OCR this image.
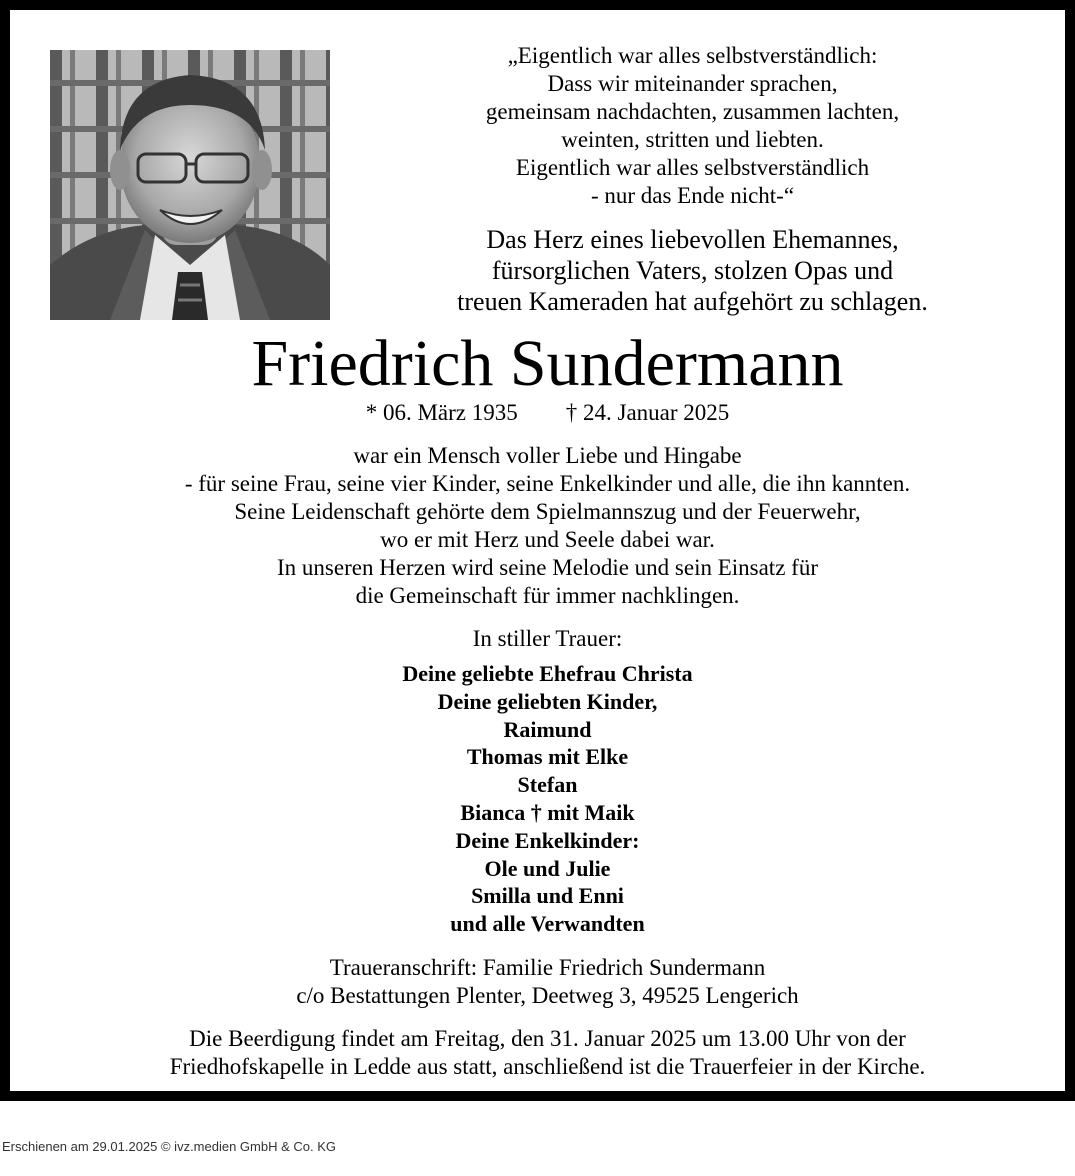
„Eigentlich war alles selbstverständlich:
Dass wir miteinander sprachen,
gemeinsam nachdachten, zusammen lachten,
weinten, stritten und liebten.
Eigentlich war alles selbstverständlich
- nur das Ende nicht-“
Das Herz eines liebevollen Ehemannes,
fürsorglichen Vaters, stolzen Opas und
treuen Kameraden hat aufgehört zu schlagen.
Friedrich Sundermann
* 06. März 1935 † 24. Januar 2025
war ein Mensch voller Liebe und Hingabe
- für seine Frau, seine vier Kinder, seine Enkelkinder und alle, die ihn kannten.
Seine Leidenschaft gehörte dem Spielmannszug und der Feuerwehr,
wo er mit Herz und Seele dabei war.
In unseren Herzen wird seine Melodie und sein Einsatz für
die Gemeinschaft für immer nachklingen.
In stiller Trauer:
Deine geliebte Ehefrau Christa
Deine geliebten Kinder,
Raimund
Thomas mit Elke
Stefan
Bianca † mit Maik
Deine Enkelkinder:
Ole und Julie
Smilla und Enni
und alle Verwandten
Traueranschrift: Familie Friedrich Sundermann
c/o Bestattungen Plenter, Deetweg 3, 49525 Lengerich
Die Beerdigung findet am Freitag, den 31. Januar 2025 um 13.00 Uhr von der
Friedhofskapelle in Ledde aus statt, anschließend ist die Trauerfeier in der Kirche.
Erschienen am 29.01.2025 © ivz.medien GmbH & Co. KG
